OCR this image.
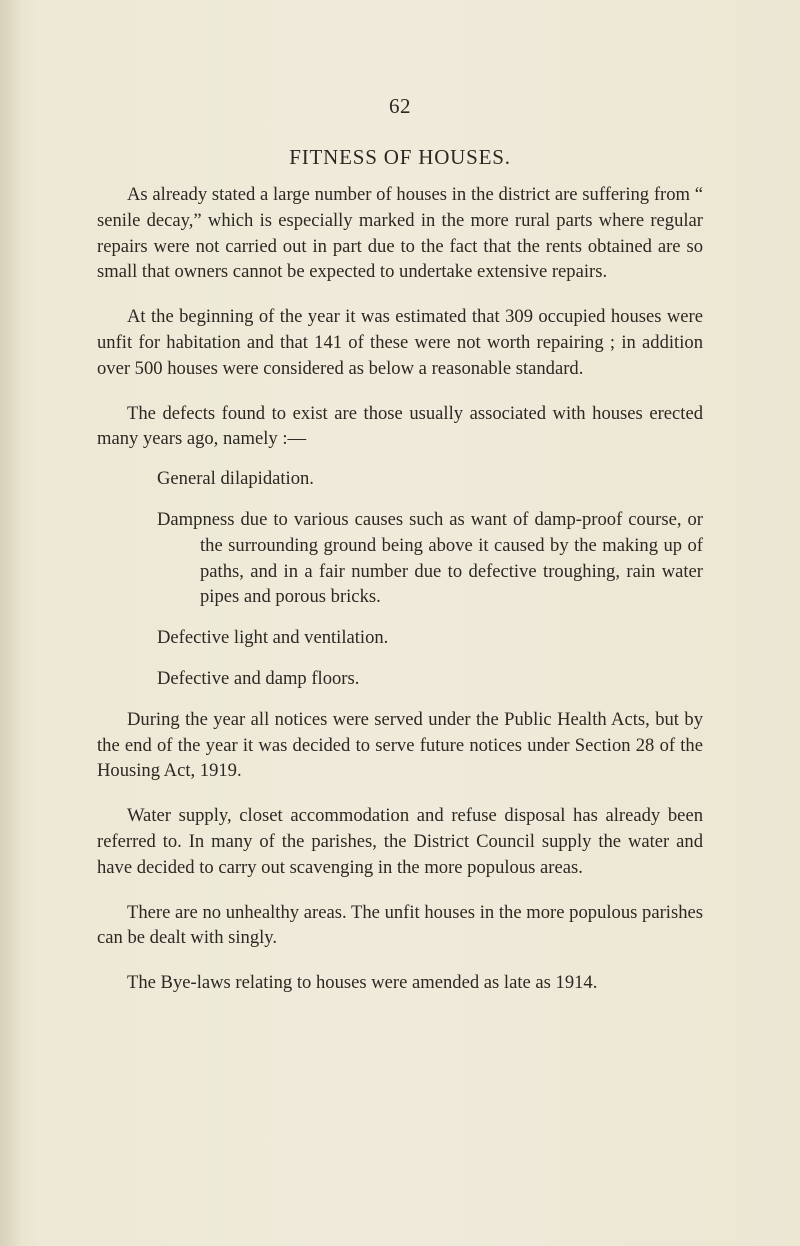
62
FITNESS OF HOUSES.

As already stated a large number of houses in the district are suffering from “ senile decay,” which is especially marked in the more rural parts where regular repairs were not carried out in part due to the fact that the rents obtained are so small that owners cannot be expected to undertake extensive repairs.

At the beginning of the year it was estimated that 309 occupied houses were unfit for habitation and that 141 of these were not worth repairing ; in addition over 500 houses were considered as below a reasonable standard.

The defects found to exist are those usually associated with houses erected many years ago, namely :—

General dilapidation.
Dampness due to various causes such as want of damp-proof course, or the surrounding ground being above it caused by the making up of paths, and in a fair number due to defective troughing, rain water pipes and porous bricks.
Defective light and ventilation.
Defective and damp floors.

During the year all notices were served under the Public Health Acts, but by the end of the year it was decided to serve future notices under Section 28 of the Housing Act, 1919.

Water supply, closet accommodation and refuse disposal has already been referred to. In many of the parishes, the District Council supply the water and have decided to carry out scavenging in the more populous areas.

There are no unhealthy areas. The unfit houses in the more populous parishes can be dealt with singly.

The Bye-laws relating to houses were amended as late as 1914.
